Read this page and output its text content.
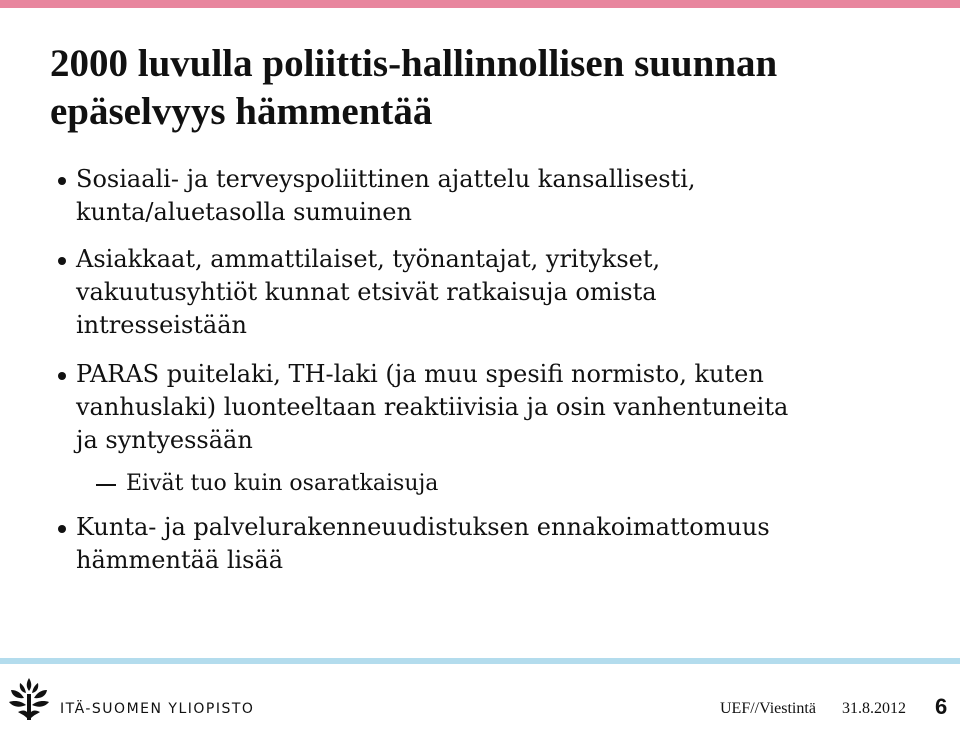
2000 luvulla poliittis-hallinnollisen suunnan
epäselvyys hämmentää
Sosiaali- ja terveyspoliittinen ajattelu kansallisesti,
kunta/aluetasolla sumuinen
Asiakkaat, ammattilaiset, työnantajat, yritykset,
vakuutusyhtiöt kunnat etsivät ratkaisuja omista
intresseistään
PARAS puitelaki, TH-laki (ja muu spesifi normisto, kuten
vanhuslaki) luonteeltaan reaktiivisia ja osin vanhentuneita
ja syntyessään
Eivät tuo kuin osaratkaisuja
Kunta- ja palvelurakenneuudistuksen ennakoimattomuus
hämmentää lisää
ITÄ-SUOMEN YLIOPISTO	UEF//Viestintä 31.8.2012 6
